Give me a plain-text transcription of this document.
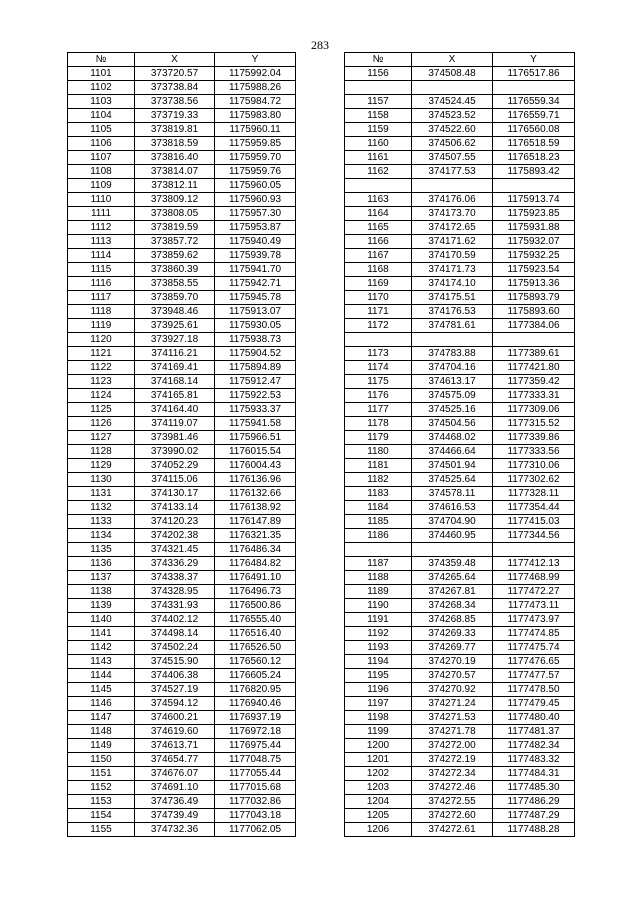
283
№	X	Y
1101	373720.57	1175992.04
1102	373738.84	1175988.26
1103	373738.56	1175984.72
1104	373719.33	1175983.80
1105	373819.81	1175960.11
1106	373818.59	1175959.85
1107	373816.40	1175959.70
1108	373814.07	1175959.76
1109	373812.11	1175960.05
1110	373809.12	1175960.93
1111	373808.05	1175957.30
1112	373819.59	1175953.87
1113	373857.72	1175940.49
1114	373859.62	1175939.78
1115	373860.39	1175941.70
1116	373858.55	1175942.71
1117	373859.70	1175945.78
1118	373948.46	1175913.07
1119	373925.61	1175930.05
1120	373927.18	1175938.73
1121	374116.21	1175904.52
1122	374169.41	1175894.89
1123	374168.14	1175912.47
1124	374165.81	1175922.53
1125	374164.40	1175933.37
1126	374119.07	1175941.58
1127	373981.46	1175966.51
1128	373990.02	1176015.54
1129	374052.29	1176004.43
1130	374115.06	1176136.96
1131	374130.17	1176132.66
1132	374133.14	1176138.92
1133	374120.23	1176147.89
1134	374202.38	1176321.35
1135	374321.45	1176486.34
1136	374336.29	1176484.82
1137	374338.37	1176491.10
1138	374328.95	1176496.73
1139	374331.93	1176500.86
1140	374402.12	1176555.40
1141	374498.14	1176516.40
1142	374502.24	1176526.50
1143	374515.90	1176560.12
1144	374406.38	1176605.24
1145	374527.19	1176820.95
1146	374594.12	1176940.46
1147	374600.21	1176937.19
1148	374619.60	1176972.18
1149	374613.71	1176975.44
1150	374654.77	1177048.75
1151	374676.07	1177055.44
1152	374691.10	1177015.68
1153	374736.49	1177032.86
1154	374739.49	1177043.18
1155	374732.36	1177062.05
№	X	Y
1156	374508.48	1176517.86

1157	374524.45	1176559.34
1158	374523.52	1176559.71
1159	374522.60	1176560.08
1160	374506.62	1176518.59
1161	374507.55	1176518.23
1162	374177.53	1175893.42

1163	374176.06	1175913.74
1164	374173.70	1175923.85
1165	374172.65	1175931.88
1166	374171.62	1175932.07
1167	374170.59	1175932.25
1168	374171.73	1175923.54
1169	374174.10	1175913.36
1170	374175.51	1175893.79
1171	374176.53	1175893.60
1172	374781.61	1177384.06

1173	374783.88	1177389.61
1174	374704.16	1177421.80
1175	374613.17	1177359.42
1176	374575.09	1177333.31
1177	374525.16	1177309.06
1178	374504.56	1177315.52
1179	374468.02	1177339.86
1180	374466.64	1177333.56
1181	374501.94	1177310.06
1182	374525.64	1177302.62
1183	374578.11	1177328.11
1184	374616.53	1177354.44
1185	374704.90	1177415.03
1186	374460.95	1177344.56

1187	374359.48	1177412.13
1188	374265.64	1177468.99
1189	374267.81	1177472.27
1190	374268.34	1177473.11
1191	374268.85	1177473.97
1192	374269.33	1177474.85
1193	374269.77	1177475.74
1194	374270.19	1177476.65
1195	374270.57	1177477.57
1196	374270.92	1177478.50
1197	374271.24	1177479.45
1198	374271.53	1177480.40
1199	374271.78	1177481.37
1200	374272.00	1177482.34
1201	374272.19	1177483.32
1202	374272.34	1177484.31
1203	374272.46	1177485.30
1204	374272.55	1177486.29
1205	374272.60	1177487.29
1206	374272.61	1177488.28
